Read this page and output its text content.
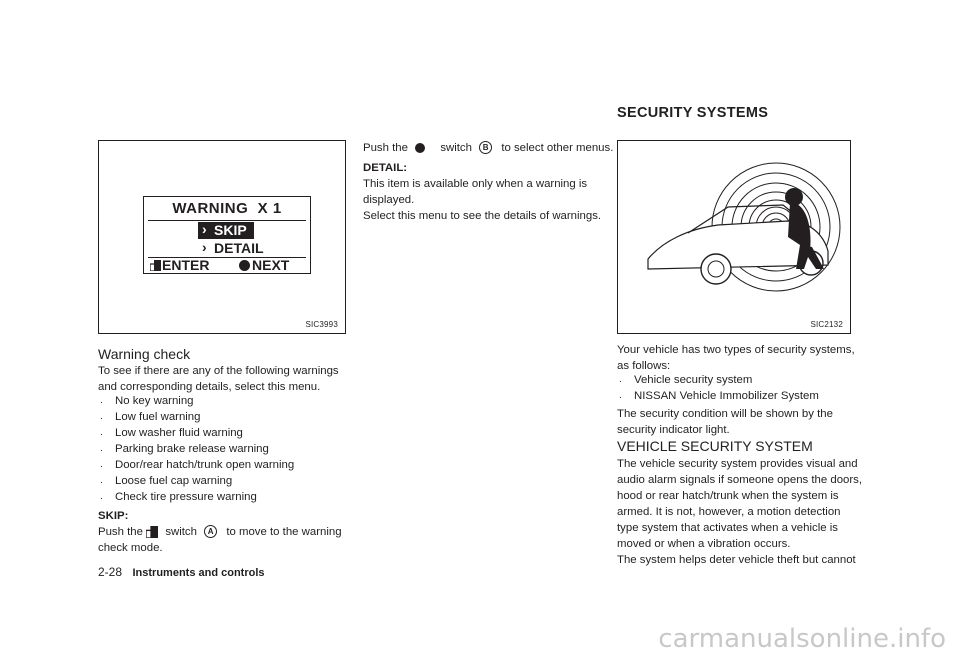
WARNING  X 1
› SKIP
› DETAIL
ENTER	NEXT
SIC3993
Warning check
To see if there are any of the following warnings
and corresponding details, select this menu.
. No key warning
. Low fuel warning
. Low washer fluid warning
. Parking brake release warning
. Door/rear hatch/trunk open warning
. Loose fuel cap warning
. Check tire pressure warning
SKIP:
Push the switch A to move to the warning
check mode.
Push the	switch B to select other menus.
DETAIL:
This item is available only when a warning is
displayed.
Select this menu to see the details of warnings.
SECURITY SYSTEMS
SIC2132
Your vehicle has two types of security systems,
as follows:
. Vehicle security system
. NISSAN Vehicle Immobilizer System
The security condition will be shown by the
security indicator light.
VEHICLE SECURITY SYSTEM
The vehicle security system provides visual and
audio alarm signals if someone opens the doors,
hood or rear hatch/trunk when the system is
armed. It is not, however, a motion detection
type system that activates when a vehicle is
moved or when a vibration occurs.
The system helps deter vehicle theft but cannot
2-28 Instruments and controls
carmanualsonline.info
